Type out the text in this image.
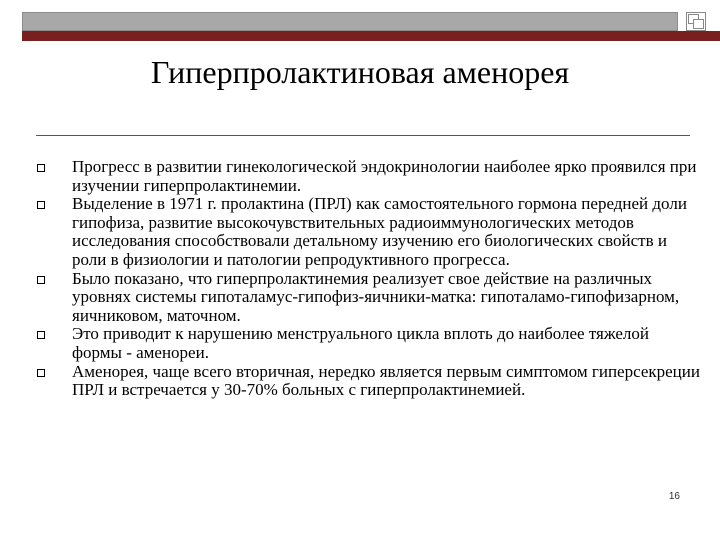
Гиперпролактиновая аменорея
Прогресс в развитии гинекологической эндокринологии наиболее ярко проявился при изучении гиперпролактинемии.
Выделение в 1971 г. пролактина (ПРЛ) как самостоятельного гормона передней доли гипофиза, развитие высокочувствительных радиоиммунологических методов исследования способствовали детальному изучению его биологических свойств и роли в физиологии и патологии репродуктивного прогресса.
Было показано, что гиперпролактинемия реализует свое действие на различных уровнях системы гипоталамус-гипофиз-яичники-матка: гипоталамо-гипофизарном, яичниковом, маточном.
Это приводит к нарушению менструального цикла вплоть до наиболее тяжелой формы - аменореи.
Аменорея, чаще всего вторичная, нередко является первым симптомом гиперсекреции ПРЛ и встречается у 30-70% больных с гиперпролактинемией.
16
